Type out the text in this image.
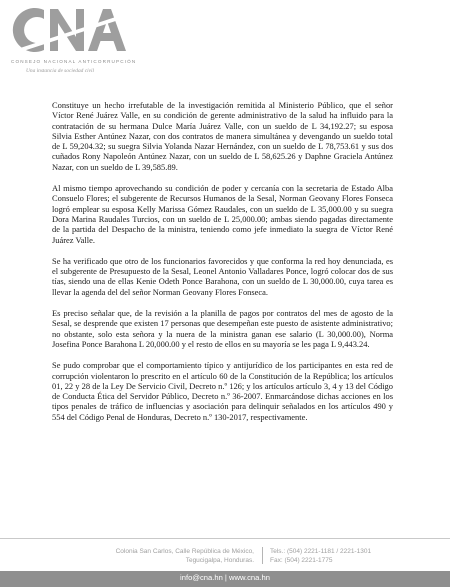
CONSEJO NACIONAL ANTICORRUPCIÓN
Una instancia de sociedad civil

Constituye un hecho irrefutable de la investigación remitida al Ministerio Público, que el señor Víctor René Juárez Valle, en su condición de gerente administrativo de la salud ha influido para la contratación de su hermana Dulce María Juárez Valle, con un sueldo de L 34,192.27; su esposa Silvia Esther Antúnez Nazar, con dos contratos de manera simultánea y devengando un sueldo total de L 59,204.32; su suegra Silvia Yolanda Nazar Hernández, con un sueldo de L 78,753.61 y sus dos cuñados Rony Napoleón Antúnez Nazar, con un sueldo de L 58,625.26 y Daphne Graciela Antúnez Nazar, con un sueldo de L 39,585.89.

Al mismo tiempo aprovechando su condición de poder y cercanía con la secretaria de Estado Alba Consuelo Flores; el subgerente de Recursos Humanos de la Sesal, Norman Geovany Flores Fonseca logró emplear su esposa Kelly Marissa Gómez Raudales, con un sueldo de L 35,000.00 y su suegra Dora Marina Raudales Turcios, con un sueldo de L 25,000.00; ambas siendo pagadas directamente de la partida del Despacho de la ministra, teniendo como jefe inmediato la suegra de Víctor René Juárez Valle.

Se ha verificado que otro de los funcionarios favorecidos y que conforma la red hoy denunciada, es el subgerente de Presupuesto de la Sesal, Leonel Antonio Valladares Ponce, logró colocar dos de sus tías, siendo una de ellas Kenie Odeth Ponce Barahona, con un sueldo de L 30,000.00, cuya tarea es llevar la agenda del del señor Norman Geovany Flores Fonseca.

Es preciso señalar que, de la revisión a la planilla de pagos por contratos del mes de agosto de la Sesal, se desprende que existen 17 personas que desempeñan este puesto de asistente administrativo; no obstante, solo esta señora y la nuera de la ministra ganan ese salario (L 30,000.00), Norma Josefina Ponce Barahona L 20,000.00 y el resto de ellos en su mayoría se les paga L 9,443.24.

Se pudo comprobar que el comportamiento típico y antijurídico de los participantes en esta red de corrupción violentaron lo prescrito en el artículo 60 de la Constitución de la República; los artículos 01, 22 y 28 de la Ley De Servicio Civil, Decreto n.º 126; y los artículos artículo 3, 4 y 13 del Código de Conducta Ética del Servidor Público, Decreto n.º 36-2007. Enmarcándose dichas acciones en los tipos penales de tráfico de influencias y asociación para delinquir señalados en los artículos 490 y 554 del Código Penal de Honduras, Decreto n.º 130-2017, respectivamente.

Colonia San Carlos, Calle República de México,
Tegucigalpa, Honduras.
Tels.: (504) 2221-1181 / 2221-1301
Fax: (504) 2221-1775
info@cna.hn | www.cna.hn
